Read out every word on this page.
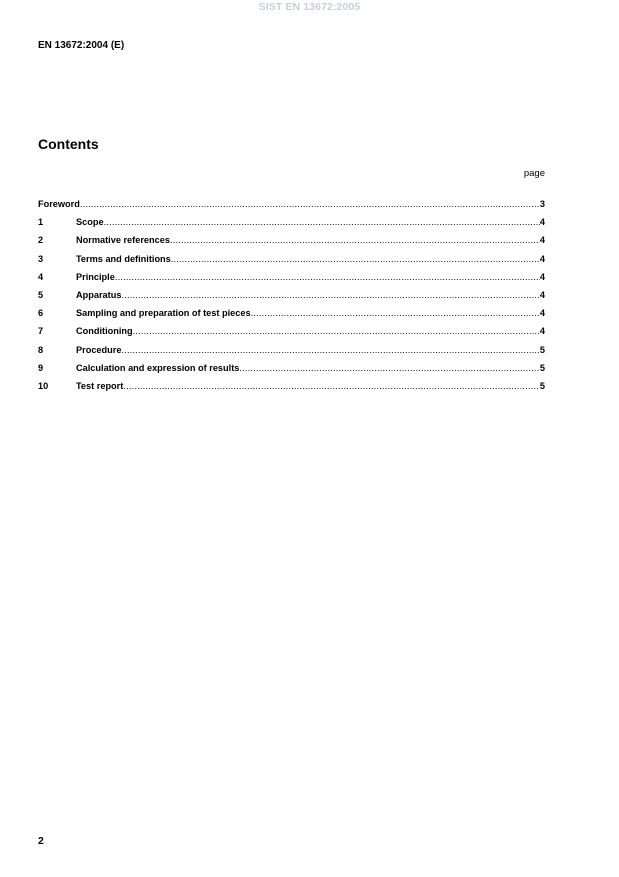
SIST EN 13672:2005
EN 13672:2004 (E)
Contents
page
Foreword .....	3
1	Scope .....	4
2	Normative references .....	4
3	Terms and definitions .....	4
4	Principle .....	4
5	Apparatus .....	4
6	Sampling and preparation of test pieces .....	4
7	Conditioning .....	4
8	Procedure .....	5
9	Calculation and expression of results .....	5
10	Test report .....	5
2
